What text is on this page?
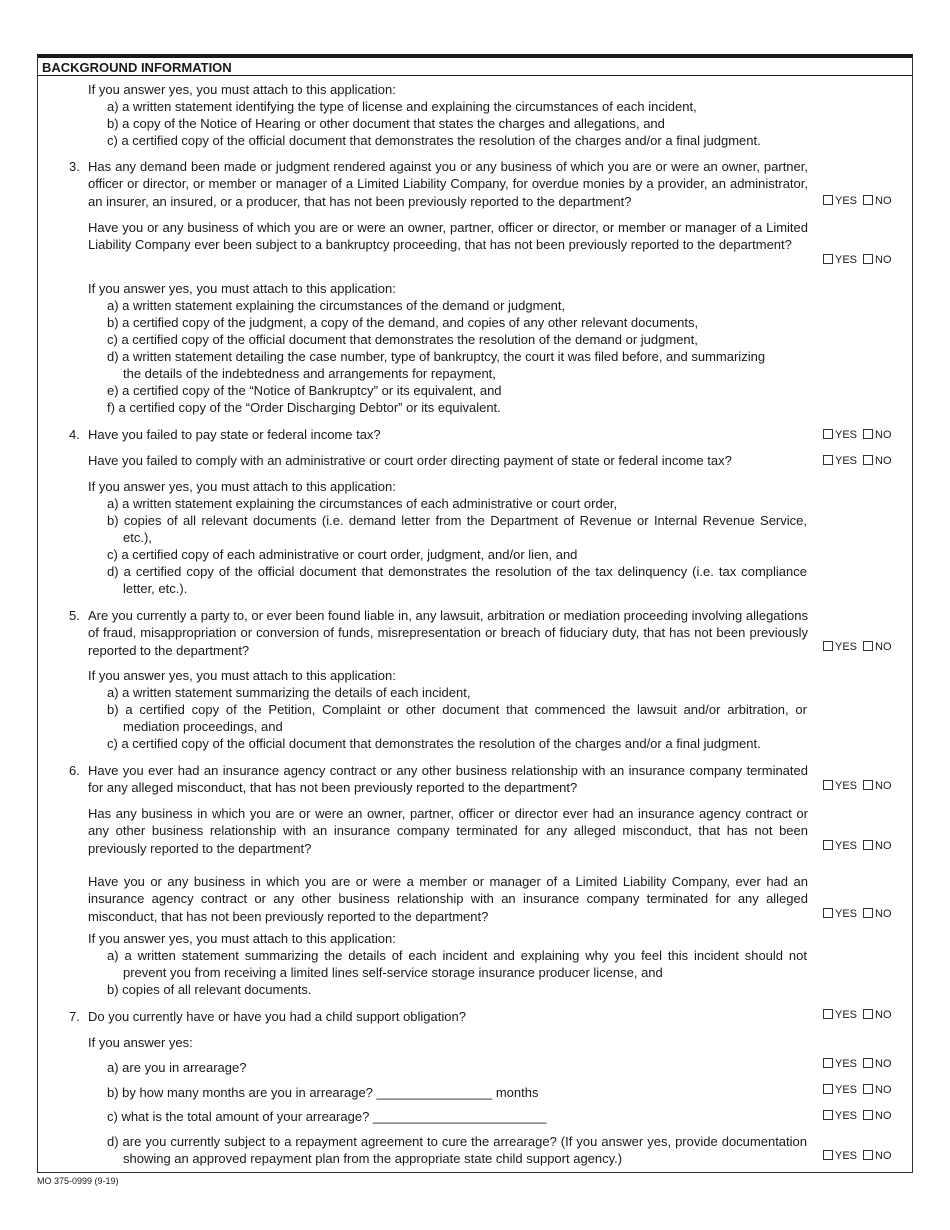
BACKGROUND INFORMATION
If you answer yes, you must attach to this application:
a) a written statement identifying the type of license and explaining the circumstances of each incident,
b) a copy of the Notice of Hearing or other document that states the charges and allegations, and
c) a certified copy of the official document that demonstrates the resolution of the charges and/or a final judgment.
3. Has any demand been made or judgment rendered against you or any business of which you are or were an owner, partner, officer or director, or member or manager of a Limited Liability Company, for overdue monies by a provider, an administrator, an insurer, an insured, or a producer, that has not been previously reported to the department?	YES NO
Have you or any business of which you are or were an owner, partner, officer or director, or member or manager of a Limited Liability Company ever been subject to a bankruptcy proceeding, that has not been previously reported to the department?
YES NO
If you answer yes, you must attach to this application:
a) a written statement explaining the circumstances of the demand or judgment,
b) a certified copy of the judgment, a copy of the demand, and copies of any other relevant documents,
c) a certified copy of the official document that demonstrates the resolution of the demand or judgment,
d) a written statement detailing the case number, type of bankruptcy, the court it was filed before, and summarizing
the details of the indebtedness and arrangements for repayment,
e) a certified copy of the “Notice of Bankruptcy” or its equivalent, and
f) a certified copy of the “Order Discharging Debtor” or its equivalent.
4. Have you failed to pay state or federal income tax?	YES NO
Have you failed to comply with an administrative or court order directing payment of state or federal income tax?	YES NO
If you answer yes, you must attach to this application:
a) a written statement explaining the circumstances of each administrative or court order,
b) copies of all relevant documents (i.e. demand letter from the Department of Revenue or Internal Revenue Service, etc.),
c) a certified copy of each administrative or court order, judgment, and/or lien, and
d) a certified copy of the official document that demonstrates the resolution of the tax delinquency (i.e. tax compliance letter, etc.).
5. Are you currently a party to, or ever been found liable in, any lawsuit, arbitration or mediation proceeding involving allegations of fraud, misappropriation or conversion of funds, misrepresentation or breach of fiduciary duty, that has not been previously reported to the department?	YES NO
If you answer yes, you must attach to this application:
a) a written statement summarizing the details of each incident,
b) a certified copy of the Petition, Complaint or other document that commenced the lawsuit and/or arbitration, or mediation proceedings, and
c) a certified copy of the official document that demonstrates the resolution of the charges and/or a final judgment.
6. Have you ever had an insurance agency contract or any other business relationship with an insurance company terminated for any alleged misconduct, that has not been previously reported to the department?	YES NO
Has any business in which you are or were an owner, partner, officer or director ever had an insurance agency contract or any other business relationship with an insurance company terminated for any alleged misconduct, that has not been previously reported to the department?	YES NO
Have you or any business in which you are or were a member or manager of a Limited Liability Company, ever had an insurance agency contract or any other business relationship with an insurance company terminated for any alleged misconduct, that has not been previously reported to the department?	YES NO
If you answer yes, you must attach to this application:
a) a written statement summarizing the details of each incident and explaining why you feel this incident should not prevent you from receiving a limited lines self-service storage insurance producer license, and
b) copies of all relevant documents.
7. Do you currently have or have you had a child support obligation?	YES NO
If you answer yes:
a) are you in arrearage?	YES NO
b) by how many months are you in arrearage? ________________ months	YES NO
c) what is the total amount of your arrearage? ________________________	YES NO
d) are you currently subject to a repayment agreement to cure the arrearage? (If you answer yes, provide documentation showing an approved repayment plan from the appropriate state child support agency.)	YES NO
MO 375-0999 (9-19)
